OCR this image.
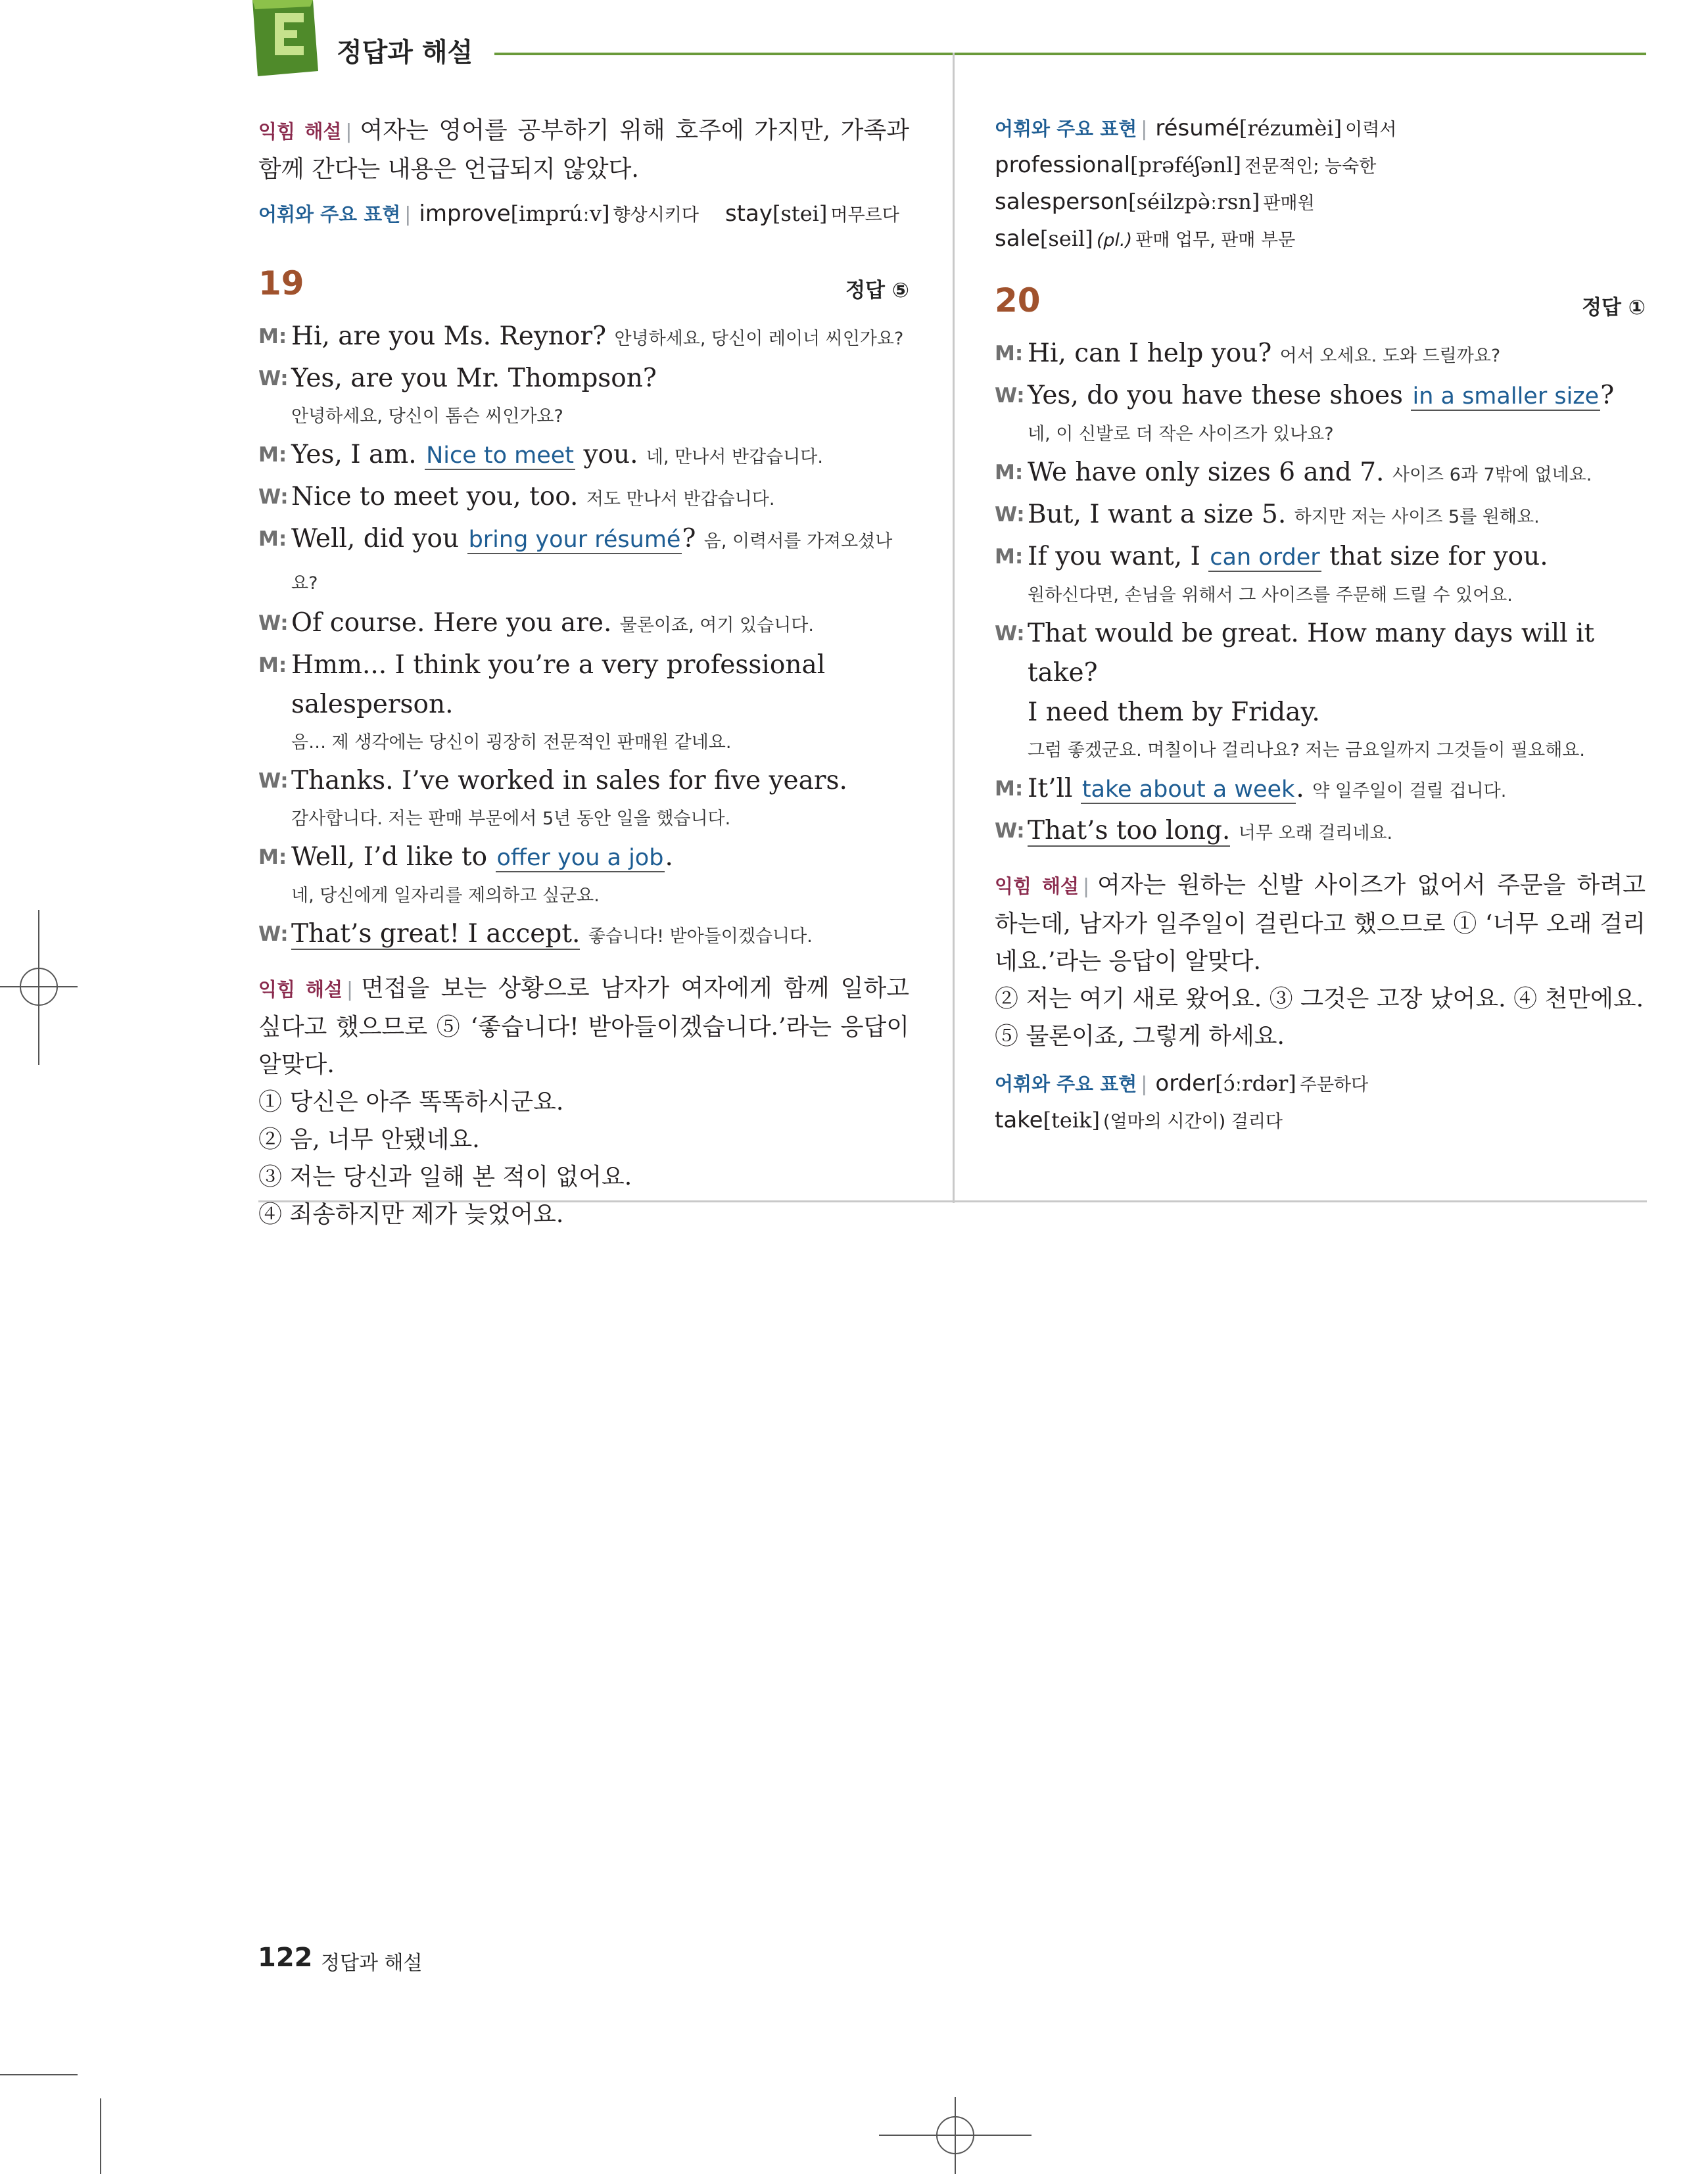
정답과 해설
익힘 해설 | 여자는 영어를 공부하기 위해 호주에 가지만, 가족과 함께 간다는 내용은 언급되지 않았다.
어휘와 주요 표현 | improve[imprúːv] 향상시키다 stay[stei] 머무르다
19	정답 ⑤
M: Hi, are you Ms. Reynor? 안녕하세요, 당신이 레이너 씨인가요?
W: Yes, are you Mr. Thompson?
안녕하세요, 당신이 톰슨 씨인가요?
M: Yes, I am. Nice to meet you. 네, 만나서 반갑습니다.
W: Nice to meet you, too. 저도 만나서 반갑습니다.
M: Well, did you bring your résumé? 음, 이력서를 가져오셨나요?
W: Of course. Here you are. 물론이죠, 여기 있습니다.
M: Hmm... I think you’re a very professional salesperson.
음… 제 생각에는 당신이 굉장히 전문적인 판매원 같네요.
W: Thanks. I’ve worked in sales for five years.
감사합니다. 저는 판매 부문에서 5년 동안 일을 했습니다.
M: Well, I’d like to offer you a job.
네, 당신에게 일자리를 제의하고 싶군요.
W: That’s great! I accept. 좋습니다! 받아들이겠습니다.
익힘 해설 | 면접을 보는 상황으로 남자가 여자에게 함께 일하고 싶다고 했으므로 ⑤ ‘좋습니다! 받아들이겠습니다.’라는 응답이 알맞다.
① 당신은 아주 똑똑하시군요.
② 음, 너무 안됐네요.
③ 저는 당신과 일해 본 적이 없어요.
④ 죄송하지만 제가 늦었어요.
어휘와 주요 표현 | résumé[rézumèi] 이력서
professional[prəféʃənl] 전문적인; 능숙한
salesperson[séilzpə̀ːrsn] 판매원
sale[seil] (pl.) 판매 업무, 판매 부문
20	정답 ①
M: Hi, can I help you? 어서 오세요. 도와 드릴까요?
W: Yes, do you have these shoes in a smaller size?
네, 이 신발로 더 작은 사이즈가 있나요?
M: We have only sizes 6 and 7. 사이즈 6과 7밖에 없네요.
W: But, I want a size 5. 하지만 저는 사이즈 5를 원해요.
M: If you want, I can order that size for you.
원하신다면, 손님을 위해서 그 사이즈를 주문해 드릴 수 있어요.
W: That would be great. How many days will it take?
I need them by Friday.
그럼 좋겠군요. 며칠이나 걸리나요? 저는 금요일까지 그것들이 필요해요.
M: It’ll take about a week. 약 일주일이 걸릴 겁니다.
W: That’s too long. 너무 오래 걸리네요.
익힘 해설 | 여자는 원하는 신발 사이즈가 없어서 주문을 하려고 하는데, 남자가 일주일이 걸린다고 했으므로 ① ‘너무 오래 걸리네요.’라는 응답이 알맞다.
② 저는 여기 새로 왔어요. ③ 그것은 고장 났어요. ④ 천만에요.
⑤ 물론이죠, 그렇게 하세요.
어휘와 주요 표현 | order[ɔ́ːrdər] 주문하다
take[teik] (얼마의 시간이) 걸리다
122 정답과 해설
